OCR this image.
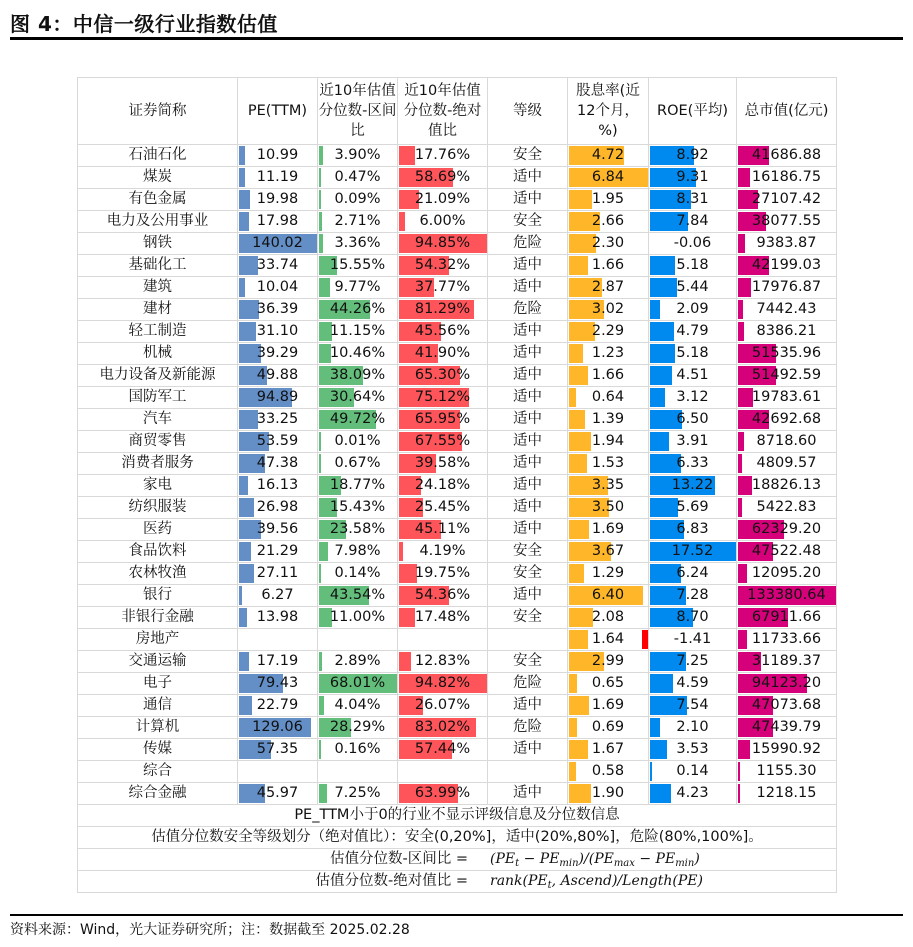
图 4：中信一级行业指数估值
证券简称	PE(TTM)	近10年估值分位数-区间比	近10年估值分位数-绝对值比	等级	股息率(近12个月，%)	ROE(平均)	总市值(亿元)
石油石化	10.99	3.90%	17.76%	安全	4.72	8.92	41686.88
煤炭	11.19	0.47%	58.69%	适中	6.84	9.31	16186.75
有色金属	19.98	0.09%	21.09%	适中	1.95	8.31	27107.42
电力及公用事业	17.98	2.71%	6.00%	安全	2.66	7.84	38077.55
钢铁	140.02	3.36%	94.85%	危险	2.30	-0.06	9383.87
基础化工	33.74	15.55%	54.32%	适中	1.66	5.18	42199.03
建筑	10.04	9.77%	37.77%	适中	2.87	5.44	17976.87
建材	36.39	44.26%	81.29%	危险	3.02	2.09	7442.43
轻工制造	31.10	11.15%	45.56%	适中	2.29	4.79	8386.21
机械	39.29	10.46%	41.90%	适中	1.23	5.18	51535.96
电力设备及新能源	49.88	38.09%	65.30%	适中	1.66	4.51	51492.59
国防军工	94.89	30.64%	75.12%	适中	0.64	3.12	19783.61
汽车	33.25	49.72%	65.95%	适中	1.39	6.50	42692.68
商贸零售	53.59	0.01%	67.55%	适中	1.94	3.91	8718.60
消费者服务	47.38	0.67%	39.58%	适中	1.53	6.33	4809.57
家电	16.13	18.77%	24.18%	适中	3.35	13.22	18826.13
纺织服装	26.98	15.43%	25.45%	适中	3.50	5.69	5422.83
医药	39.56	23.58%	45.11%	适中	1.69	6.83	62329.20
食品饮料	21.29	7.98%	4.19%	安全	3.67	17.52	47522.48
农林牧渔	27.11	0.14%	19.75%	安全	1.29	6.24	12095.20
银行	6.27	43.54%	54.36%	适中	6.40	7.28	133380.64
非银行金融	13.98	11.00%	17.48%	安全	2.08	8.70	67911.66
房地产					1.64	-1.41	11733.66
交通运输	17.19	2.89%	12.83%	安全	2.99	7.25	31189.37
电子	79.43	68.01%	94.82%	危险	0.65	4.59	94123.20
通信	22.79	4.04%	26.07%	适中	1.69	7.54	47073.68
计算机	129.06	28.29%	83.02%	危险	0.69	2.10	47439.79
传媒	57.35	0.16%	57.44%	适中	1.67	3.53	15990.92
综合					0.58	0.14	1155.30
综合金融	45.97	7.25%	63.99%	适中	1.90	4.23	1218.15
PE_TTM小于0的行业不显示评级信息及分位数信息							
估值分位数安全等级划分（绝对值比）：安全(0,20%]，适中(20%,80%]，危险(80%,100%]。							
估值分位数-区间比 = $(PE_t - PE_{min})/(PE_{max} - PE_{min})$							
估值分位数-绝对值比 = $rank(PE_t$, Ascend)/Length(PE)							
资料来源：Wind，光大证券研究所；注：数据截至 2025.02.28
